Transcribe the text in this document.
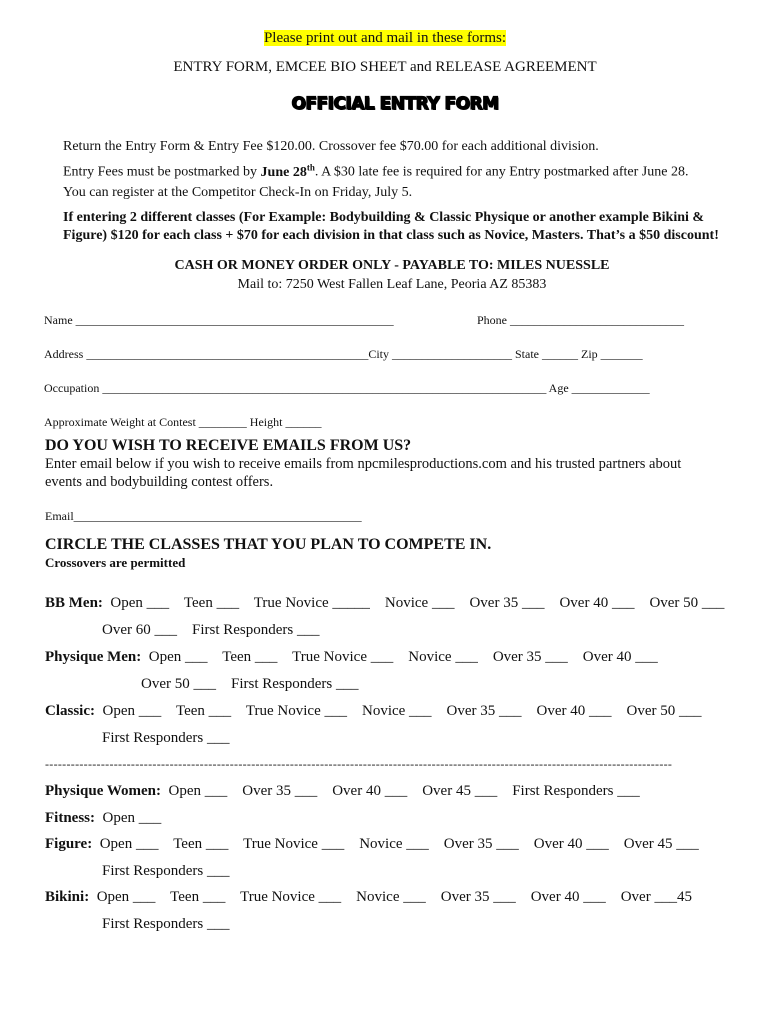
Please print out and mail in these forms:
ENTRY FORM, EMCEE BIO SHEET and RELEASE AGREEMENT
OFFICIAL ENTRY FORM
Return the Entry Form & Entry Fee $120.00. Crossover fee $70.00 for each additional division.
Entry Fees must be postmarked by June 28th. A $30 late fee is required for any Entry postmarked after June 28.
You can register at the Competitor Check-In on Friday, July 5.
If entering 2 different classes (For Example: Bodybuilding & Classic Physique or another example Bikini &
Figure) $120 for each class + $70 for each division in that class such as Novice, Masters. That’s a $50 discount!
CASH OR MONEY ORDER ONLY - PAYABLE TO: MILES NUESSLE
Mail to: 7250 West Fallen Leaf Lane, Peoria AZ 85383
Name _____________________________________________________	Phone _____________________________
Address _______________________________________________City ____________________ State ______ Zip _______
Occupation __________________________________________________________________________ Age _____________
Approximate Weight at Contest ________ Height ______
DO YOU WISH TO RECEIVE EMAILS FROM US?
Enter email below if you wish to receive emails from npcmilesproductions.com and his trusted partners about
events and bodybuilding contest offers.
Email________________________________________________
CIRCLE THE CLASSES THAT YOU PLAN TO COMPETE IN.
Crossovers are permitted
BB Men: Open ___    Teen ___    True Novice _____    Novice ___    Over 35 ___    Over 40 ___    Over 50 ___
Over 60 ___    First Responders ___
Physique Men: Open ___    Teen ___    True Novice ___    Novice ___    Over 35 ___    Over 40 ___
Over 50 ___    First Responders ___
Classic: Open ___    Teen ___    True Novice ___    Novice ___    Over 35 ___    Over 40 ___    Over 50 ___
First Responders ___
--------------------------------------------------------------------------------------------------------------------------------------------------
Physique Women: Open ___    Over 35 ___    Over 40 ___    Over 45 ___    First Responders ___
Fitness: Open ___
Figure: Open ___    Teen ___    True Novice ___    Novice ___    Over 35 ___    Over 40 ___    Over 45 ___
First Responders ___
Bikini: Open ___    Teen ___    True Novice ___    Novice ___    Over 35 ___    Over 40 ___    Over ___45
First Responders ___
